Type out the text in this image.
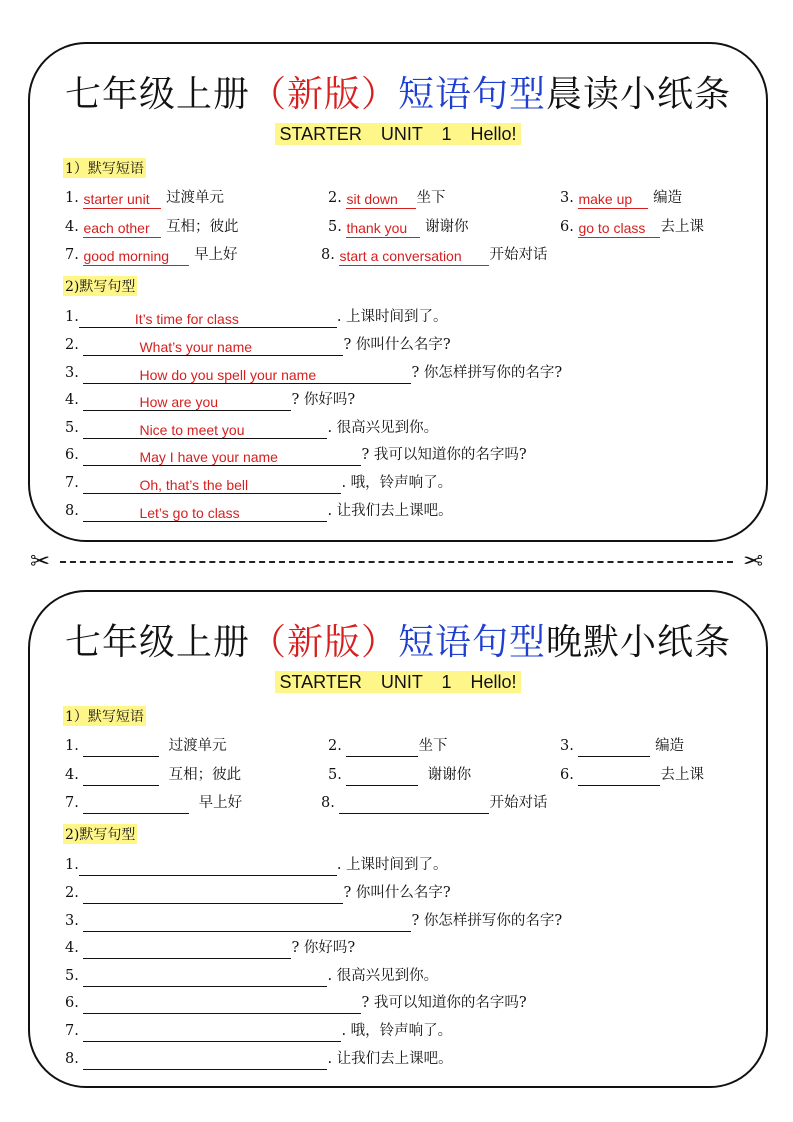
七年级上册（新版）短语句型晨读小纸条
STARTER UNIT 1 Hello!
1）默写短语
1. starter unit 过渡单元	2. sit down 坐下	3. make up 编造
4. each other 互相；彼此	5. thank you 谢谢你	6. go to class 去上课
7. good morning 早上好	8. start a conversation 开始对话
2)默写句型
1.	It’s time for class	. 上课时间到了。
2.	What’s your name	? 你叫什么名字?
3.	How do you spell your name	? 你怎样拼写你的名字?
4.	How are you	? 你好吗?
5.	Nice to meet you	. 很高兴见到你。
6.	May I have your name	? 我可以知道你的名字吗?
7.	Oh, that’s the bell	. 哦，铃声响了。
8.	Let’s go to class	. 让我们去上课吧。
✂	✂
七年级上册（新版）短语句型晚默小纸条
STARTER UNIT 1 Hello!
1）默写短语
1.	过渡单元	2.	坐下	3.	编造
4.	互相；彼此	5.	谢谢你	6.	去上课
7.	早上好	8.	开始对话
2)默写句型
1.	. 上课时间到了。
2.	? 你叫什么名字?
3.	? 你怎样拼写你的名字?
4.	? 你好吗?
5.	. 很高兴见到你。
6.	? 我可以知道你的名字吗?
7.	. 哦，铃声响了。
8.	. 让我们去上课吧。
